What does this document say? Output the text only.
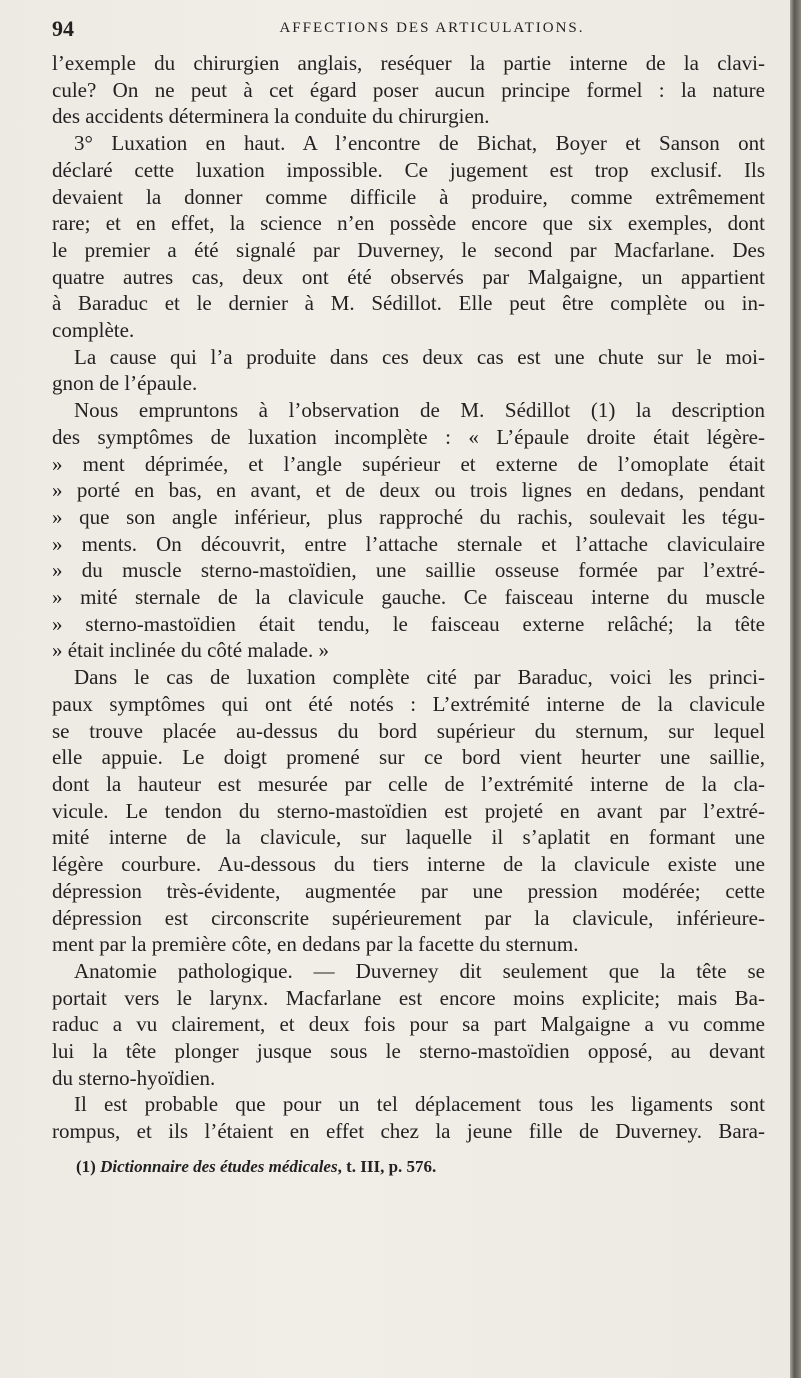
94	AFFECTIONS DES ARTICULATIONS.
l’exemple du chirurgien anglais, reséquer la partie interne de la clavi-
cule? On ne peut à cet égard poser aucun principe formel : la nature
des accidents déterminera la conduite du chirurgien.
3° Luxation en haut. A l’encontre de Bichat, Boyer et Sanson ont
déclaré cette luxation impossible. Ce jugement est trop exclusif. Ils
devaient la donner comme difficile à produire, comme extrêmement
rare; et en effet, la science n’en possède encore que six exemples, dont
le premier a été signalé par Duverney, le second par Macfarlane. Des
quatre autres cas, deux ont été observés par Malgaigne, un appartient
à Baraduc et le dernier à M. Sédillot. Elle peut être complète ou in-
complète.
La cause qui l’a produite dans ces deux cas est une chute sur le moi-
gnon de l’épaule.
Nous empruntons à l’observation de M. Sédillot (1) la description
des symptômes de luxation incomplète : « L’épaule droite était légère-
» ment déprimée, et l’angle supérieur et externe de l’omoplate était
» porté en bas, en avant, et de deux ou trois lignes en dedans, pendant
» que son angle inférieur, plus rapproché du rachis, soulevait les tégu-
» ments. On découvrit, entre l’attache sternale et l’attache claviculaire
» du muscle sterno-mastoïdien, une saillie osseuse formée par l’extré-
» mité sternale de la clavicule gauche. Ce faisceau interne du muscle
» sterno-mastoïdien était tendu, le faisceau externe relâché; la tête
» était inclinée du côté malade. »
Dans le cas de luxation complète cité par Baraduc, voici les princi-
paux symptômes qui ont été notés : L’extrémité interne de la clavicule
se trouve placée au-dessus du bord supérieur du sternum, sur lequel
elle appuie. Le doigt promené sur ce bord vient heurter une saillie,
dont la hauteur est mesurée par celle de l’extrémité interne de la cla-
vicule. Le tendon du sterno-mastoïdien est projeté en avant par l’extré-
mité interne de la clavicule, sur laquelle il s’aplatit en formant une
légère courbure. Au-dessous du tiers interne de la clavicule existe une
dépression très-évidente, augmentée par une pression modérée; cette
dépression est circonscrite supérieurement par la clavicule, inférieure-
ment par la première côte, en dedans par la facette du sternum.
Anatomie pathologique. — Duverney dit seulement que la tête se
portait vers le larynx. Macfarlane est encore moins explicite; mais Ba-
raduc a vu clairement, et deux fois pour sa part Malgaigne a vu comme
lui la tête plonger jusque sous le sterno-mastoïdien opposé, au devant
du sterno-hyoïdien.
Il est probable que pour un tel déplacement tous les ligaments sont
rompus, et ils l’étaient en effet chez la jeune fille de Duverney. Bara-
(1) Dictionnaire des études médicales, t. III, p. 576.
